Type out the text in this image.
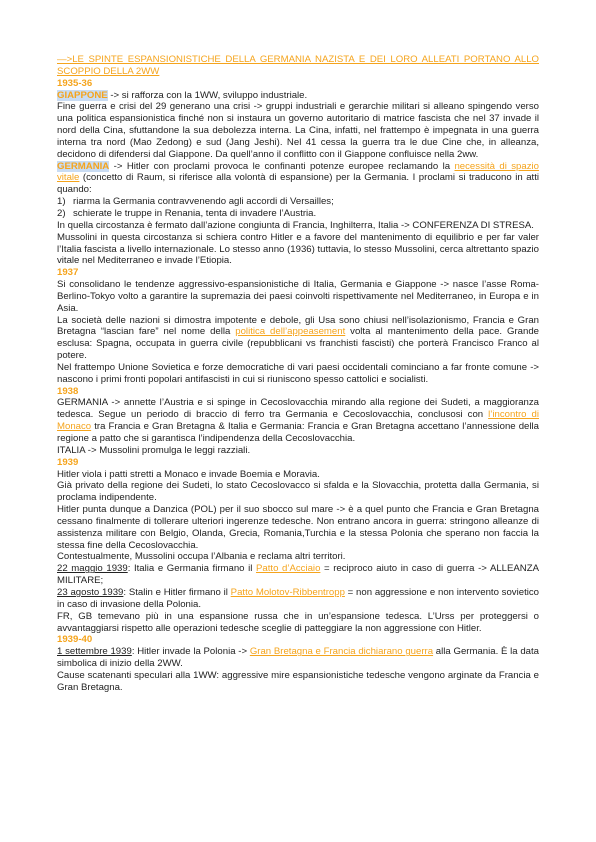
—>LE SPINTE ESPANSIONISTICHE DELLA GERMANIA NAZISTA E DEI LORO ALLEATI PORTANO ALLO SCOPPIO DELLA 2WW

1935-36

GIAPPONE -> si rafforza con la 1WW, sviluppo industriale.

Fine guerra e crisi del 29 generano una crisi -> gruppi industriali e gerarchie militari si alleano spingendo verso una politica espansionistica finché non si instaura un governo autoritario di matrice fascista che nel 37 invade il nord della Cina, sfuttandone la sua debolezza interna. La Cina, infatti, nel frattempo è impegnata in una guerra interna tra nord (Mao Zedong) e sud (Jang Jeshi). Nel 41 cessa la guerra tra le due Cine che, in alleanza, decidono di difendersi dal Giappone. Da quell’anno il conflitto con il Giappone confluisce nella 2ww.

GERMANIA -> Hitler con proclami provoca le confinanti potenze europee reclamando la necessità di spazio vitale (concetto di Raum, si riferisce alla volontà di espansione) per la Germania. I proclami si traducono in atti quando:

1) riarma la Germania contravvenendo agli accordi di Versailles;
2) schierate le truppe in Renania, tenta di invadere l’Austria.

In quella circostanza è fermato dall’azione congiunta di Francia, Inghilterra, Italia -> CONFERENZA DI STRESA.

Mussolini in questa circostanza si schiera contro Hitler e a favore del mantenimento di equilibrio e per far valer l’Italia fascista a livello internazionale. Lo stesso anno (1936) tuttavia, lo stesso Mussolini, cerca altrettanto spazio vitale nel Mediterraneo e invade l’Etiopia.

1937

Si consolidano le tendenze aggressivo-espansionistiche di Italia, Germania e Giappone -> nasce l’asse Roma-Berlino-Tokyo volto a garantire la supremazia dei paesi coinvolti rispettivamente nel Mediterraneo, in Europa e in Asia.

La società delle nazioni si dimostra impotente e debole, gli Usa sono chiusi nell’isolazionismo, Francia e Gran Bretagna “lascian fare” nel nome della politica dell’appeasement volta al mantenimento della pace. Grande esclusa: Spagna, occupata in guerra civile (repubblicani vs franchisti fascisti) che porterà Francisco Franco al potere.

Nel frattempo Unione Sovietica e forze democratiche di vari paesi occidentali cominciano a far fronte comune -> nascono i primi fronti popolari antifascisti in cui si riuniscono spesso cattolici e socialisti.

1938

GERMANIA -> annette l’Austria e si spinge in Cecoslovacchia mirando alla regione dei Sudeti, a maggioranza tedesca. Segue un periodo di braccio di ferro tra Germania e Cecoslovacchia, conclusosi con l’incontro di Monaco tra Francia e Gran Bretagna & Italia e Germania: Francia e Gran Bretagna accettano l’annessione della regione a patto che si garantisca l’indipendenza della Cecoslovacchia.

ITALIA -> Mussolini promulga le leggi razziali.

1939

Hitler viola i patti stretti a Monaco e invade Boemia e Moravia.

Già privato della regione dei Sudeti, lo stato Cecoslovacco si sfalda e la Slovacchia, protetta dalla Germania, si proclama indipendente.

Hitler punta dunque a Danzica (POL) per il suo sbocco sul mare -> è a quel punto che Francia e Gran Bretagna cessano finalmente di tollerare ulteriori ingerenze tedesche. Non entrano ancora in guerra: stringono alleanze di assistenza militare con Belgio, Olanda, Grecia, Romania,Turchia e la stessa Polonia che sperano non faccia la stessa fine della Cecoslovacchia.

Contestualmente, Mussolini occupa l’Albania e reclama altri territori.

22 maggio 1939: Italia e Germania firmano il Patto d’Acciaio = reciproco aiuto in caso di guerra -> ALLEANZA MILITARE;

23 agosto 1939: Stalin e Hitler firmano il Patto Molotov-Ribbentropp = non aggressione e non intervento sovietico in caso di invasione della Polonia.

FR, GB temevano più in una espansione russa che in un’espansione tedesca. L’Urss per proteggersi o avvantaggiarsi rispetto alle operazioni tedesche sceglie di patteggiare la non aggressione con Hitler.

1939-40

1 settembre 1939: Hitler invade la Polonia -> Gran Bretagna e Francia dichiarano guerra alla Germania. È la data simbolica di inizio della 2WW.

Cause scatenanti speculari alla 1WW: aggressive mire espansionistiche tedesche vengono arginate da Francia e Gran Bretagna.
